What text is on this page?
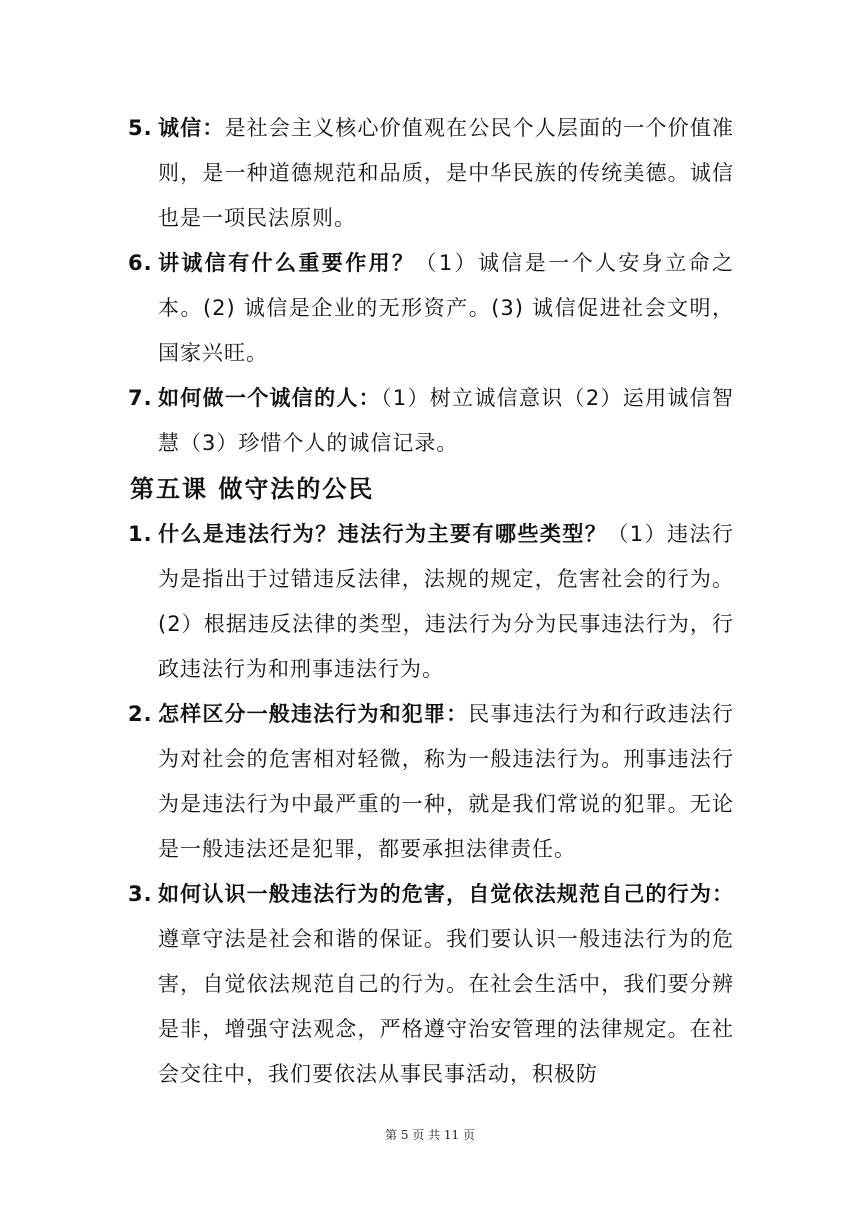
5. 诚信：是社会主义核心价值观在公民个人层面的一个价值准则，是一种道德规范和品质，是中华民族的传统美德。诚信也是一项民法原则。
6. 讲诚信有什么重要作用？（1）诚信是一个人安身立命之本。(2) 诚信是企业的无形资产。(3) 诚信促进社会文明，国家兴旺。
7. 如何做一个诚信的人：（1）树立诚信意识（2）运用诚信智慧（3）珍惜个人的诚信记录。
第五课 做守法的公民
1. 什么是违法行为？违法行为主要有哪些类型？（1）违法行为是指出于过错违反法律，法规的规定，危害社会的行为。(2）根据违反法律的类型，违法行为分为民事违法行为，行政违法行为和刑事违法行为。
2. 怎样区分一般违法行为和犯罪：民事违法行为和行政违法行为对社会的危害相对轻微，称为一般违法行为。刑事违法行为是违法行为中最严重的一种，就是我们常说的犯罪。无论是一般违法还是犯罪，都要承担法律责任。
3. 如何认识一般违法行为的危害，自觉依法规范自己的行为：遵章守法是社会和谐的保证。我们要认识一般违法行为的危害，自觉依法规范自己的行为。在社会生活中，我们要分辨是非，增强守法观念，严格遵守治安管理的法律规定。在社会交往中，我们要依法从事民事活动，积极防
第 5 页 共 11 页
